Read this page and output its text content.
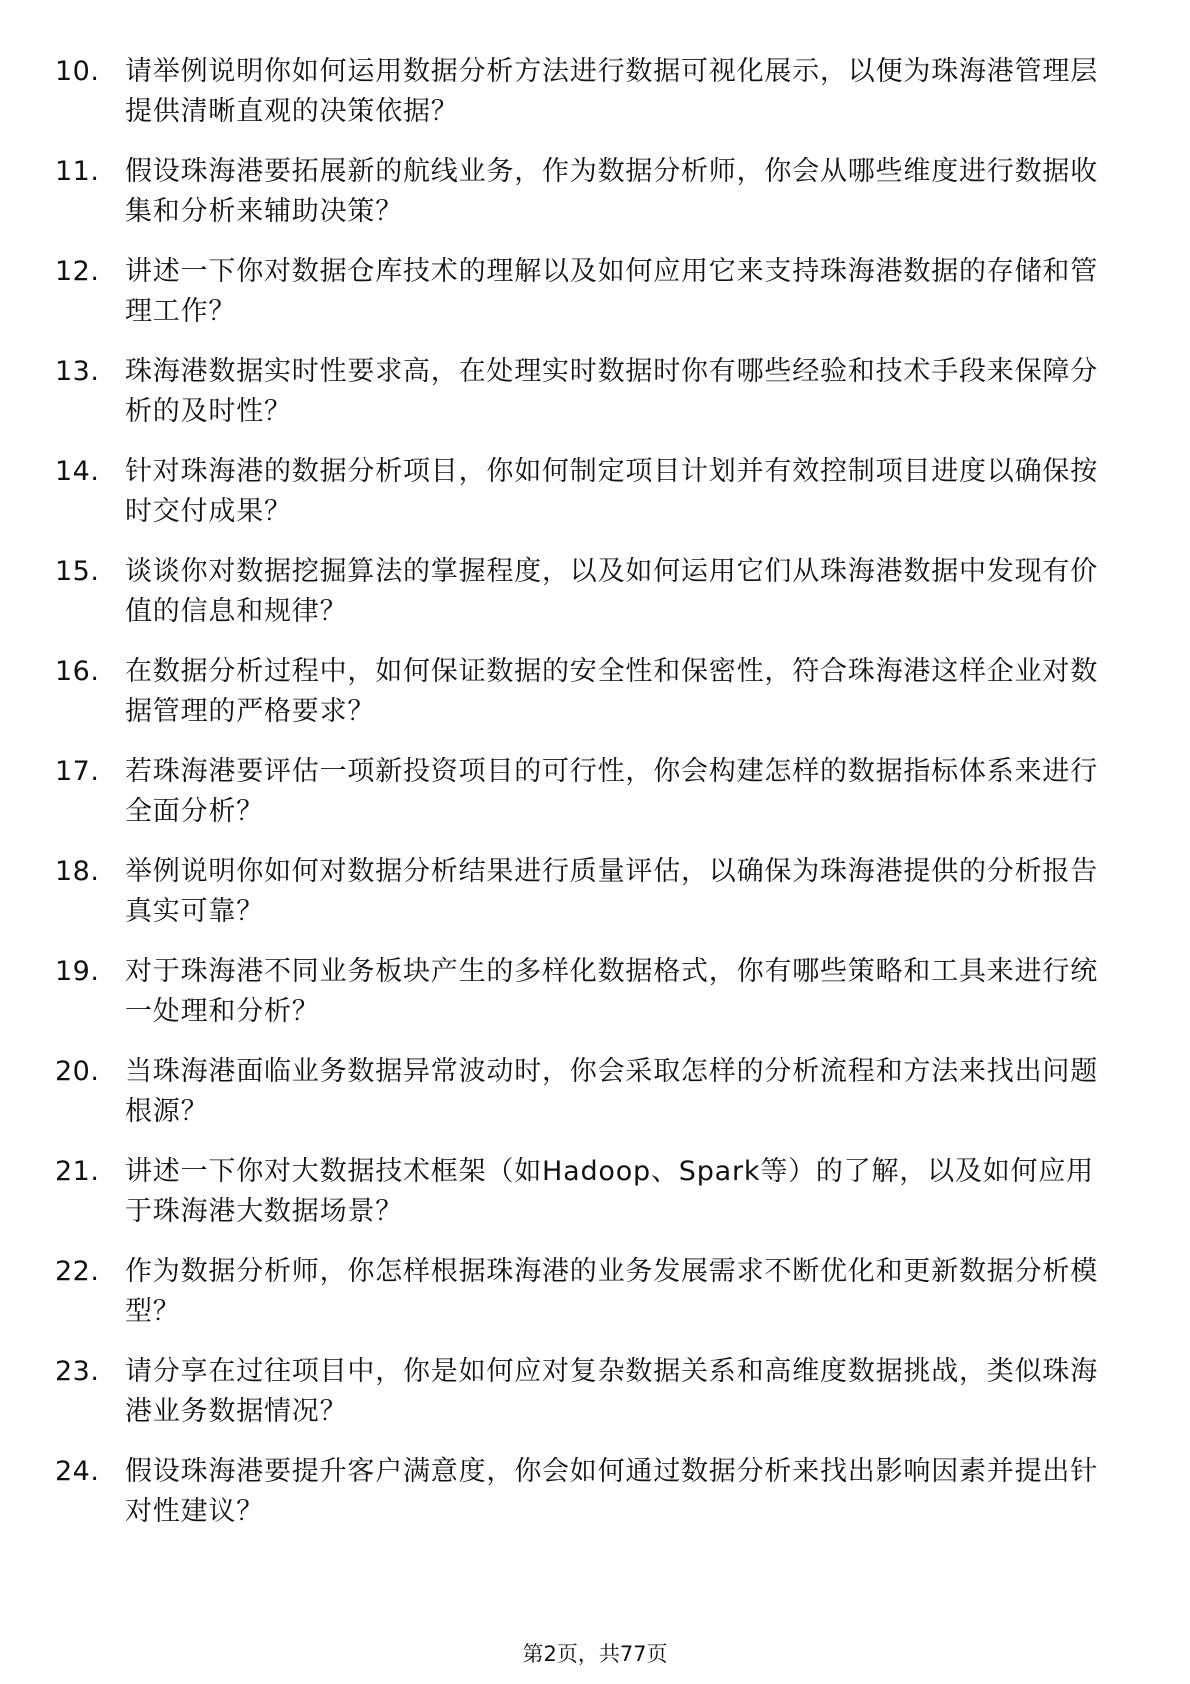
10. 请举例说明你如何运用数据分析方法进行数据可视化展示，以便为珠海港管理层提供清晰直观的决策依据？
11. 假设珠海港要拓展新的航线业务，作为数据分析师，你会从哪些维度进行数据收集和分析来辅助决策？
12. 讲述一下你对数据仓库技术的理解以及如何应用它来支持珠海港数据的存储和管理工作？
13. 珠海港数据实时性要求高，在处理实时数据时你有哪些经验和技术手段来保障分析的及时性？
14. 针对珠海港的数据分析项目，你如何制定项目计划并有效控制项目进度以确保按时交付成果？
15. 谈谈你对数据挖掘算法的掌握程度，以及如何运用它们从珠海港数据中发现有价值的信息和规律？
16. 在数据分析过程中，如何保证数据的安全性和保密性，符合珠海港这样企业对数据管理的严格要求？
17. 若珠海港要评估一项新投资项目的可行性，你会构建怎样的数据指标体系来进行全面分析？
18. 举例说明你如何对数据分析结果进行质量评估，以确保为珠海港提供的分析报告真实可靠？
19. 对于珠海港不同业务板块产生的多样化数据格式，你有哪些策略和工具来进行统一处理和分析？
20. 当珠海港面临业务数据异常波动时，你会采取怎样的分析流程和方法来找出问题根源？
21. 讲述一下你对大数据技术框架（如Hadoop、Spark等）的了解，以及如何应用于珠海港大数据场景？
22. 作为数据分析师，你怎样根据珠海港的业务发展需求不断优化和更新数据分析模型？
23. 请分享在过往项目中，你是如何应对复杂数据关系和高维度数据挑战，类似珠海港业务数据情况？
24. 假设珠海港要提升客户满意度，你会如何通过数据分析来找出影响因素并提出针对性建议？
第2页，共77页
